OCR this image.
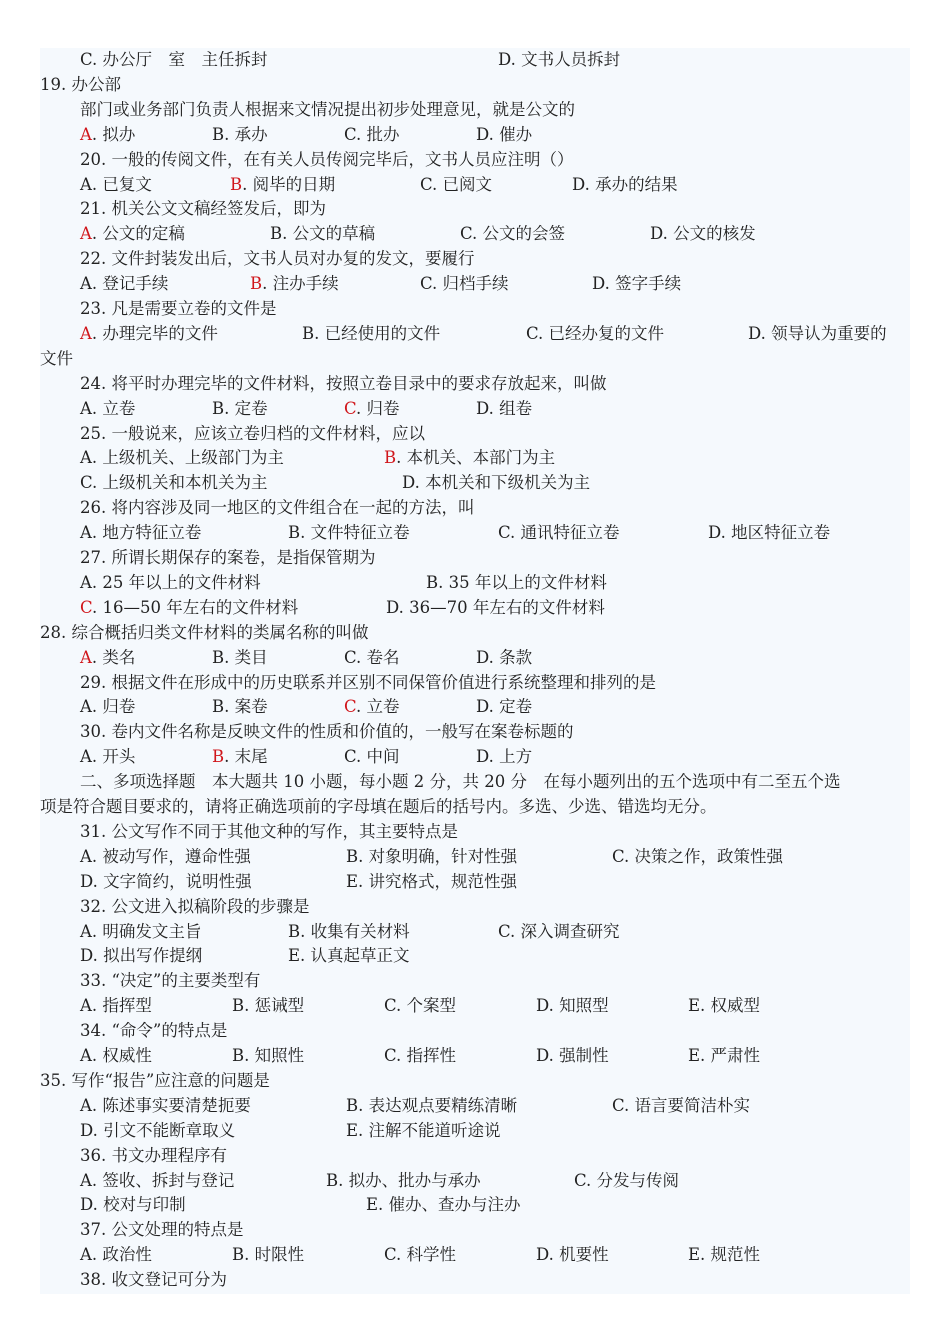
C. 办公厅　室　主任拆封	D. 文书人员拆封
19. 办公部
部门或业务部门负责人根据来文情况提出初步处理意见，就是公文的
A. 拟办	B. 承办	C. 批办	D. 催办
20. 一般的传阅文件，在有关人员传阅完毕后，文书人员应注明（）
A. 已复文	B. 阅毕的日期	C. 已阅文	D. 承办的结果
21. 机关公文文稿经签发后，即为
A. 公文的定稿	B. 公文的草稿	C. 公文的会签	D. 公文的核发
22. 文件封装发出后，文书人员对办复的发文，要履行
A. 登记手续	B. 注办手续	C. 归档手续	D. 签字手续
23. 凡是需要立卷的文件是
A. 办理完毕的文件	B. 已经使用的文件	C. 已经办复的文件	D. 领导认为重要的
文件
24. 将平时办理完毕的文件材料，按照立卷目录中的要求存放起来，叫做
A. 立卷	B. 定卷	C. 归卷	D. 组卷
25. 一般说来，应该立卷归档的文件材料，应以
A. 上级机关、上级部门为主	B. 本机关、本部门为主
C. 上级机关和本机关为主	D. 本机关和下级机关为主
26. 将内容涉及同一地区的文件组合在一起的方法，叫
A. 地方特征立卷	B. 文件特征立卷	C. 通讯特征立卷	D. 地区特征立卷
27. 所谓长期保存的案卷，是指保管期为
A. 25 年以上的文件材料	B. 35 年以上的文件材料
C. 16—50 年左右的文件材料	D. 36—70 年左右的文件材料
28. 综合概括归类文件材料的类属名称的叫做
A. 类名	B. 类目	C. 卷名	D. 条款
29. 根据文件在形成中的历史联系并区别不同保管价值进行系统整理和排列的是
A. 归卷	B. 案卷	C. 立卷	D. 定卷
30. 卷内文件名称是反映文件的性质和价值的，一般写在案卷标题的
A. 开头	B. 末尾	C. 中间	D. 上方
二、多项选择题　本大题共 10 小题，每小题 2 分，共 20 分　在每小题列出的五个选项中有二至五个选
项是符合题目要求的，请将正确选项前的字母填在题后的括号内。多选、少选、错选均无分。
31. 公文写作不同于其他文种的写作，其主要特点是
A. 被动写作，遵命性强	B. 对象明确，针对性强	C. 决策之作，政策性强
D. 文字简约，说明性强	E. 讲究格式，规范性强
32. 公文进入拟稿阶段的步骤是
A. 明确发文主旨	B. 收集有关材料	C. 深入调查研究
D. 拟出写作提纲	E. 认真起草正文
33. “决定”的主要类型有
A. 指挥型	B. 惩诫型	C. 个案型	D. 知照型	E. 权威型
34. “命令”的特点是
A. 权威性	B. 知照性	C. 指挥性	D. 强制性	E. 严肃性
35. 写作“报告”应注意的问题是
A. 陈述事实要清楚扼要	B. 表达观点要精练清晰	C. 语言要简洁朴实
D. 引文不能断章取义	E. 注解不能道听途说
36. 书文办理程序有
A. 签收、拆封与登记	B. 拟办、批办与承办	C. 分发与传阅
D. 校对与印制	E. 催办、查办与注办
37. 公文处理的特点是
A. 政治性	B. 时限性	C. 科学性	D. 机要性	E. 规范性
38. 收文登记可分为
